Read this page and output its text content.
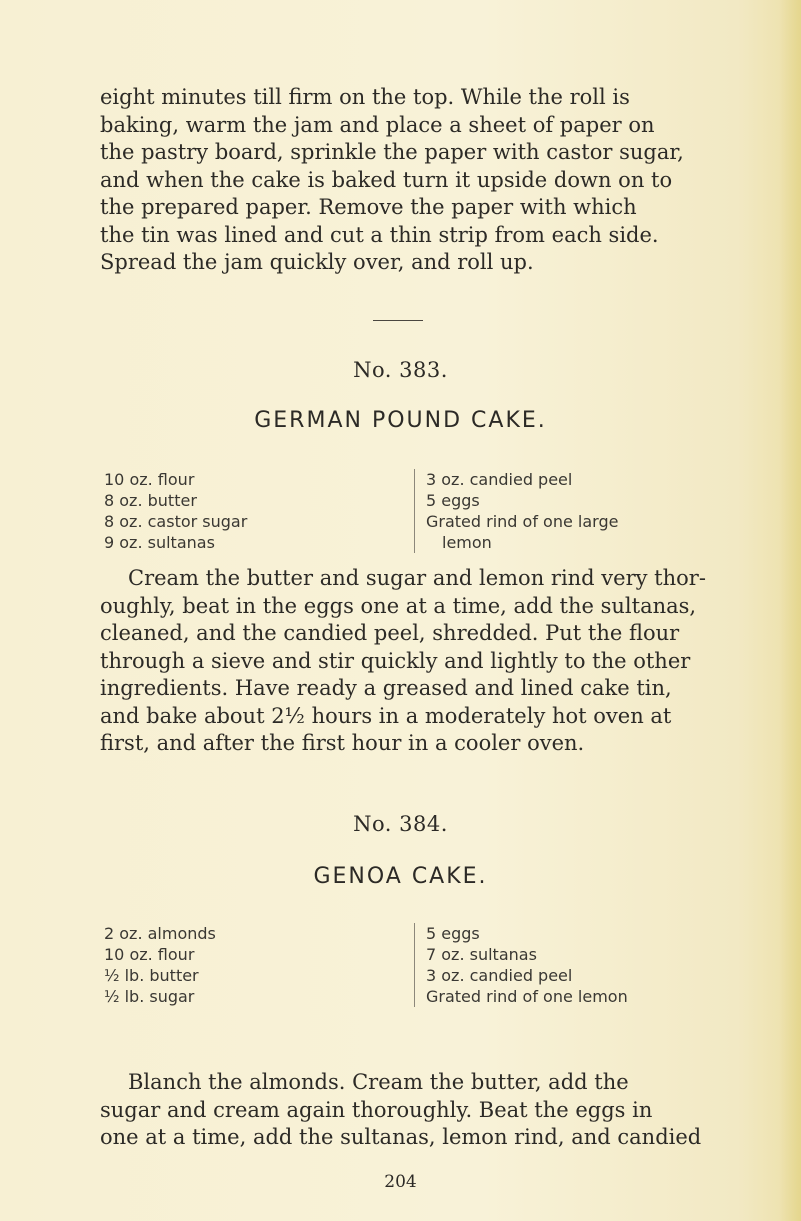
eight minutes till firm on the top. While the roll is
baking, warm the jam and place a sheet of paper on
the pastry board, sprinkle the paper with castor sugar,
and when the cake is baked turn it upside down on to
the prepared paper. Remove the paper with which
the tin was lined and cut a thin strip from each side.
Spread the jam quickly over, and roll up.
No. 383.
GERMAN POUND CAKE.
10 oz. flour
8 oz. butter
8 oz. castor sugar
9 oz. sultanas
3 oz. candied peel
5 eggs
Grated rind of one large
lemon
Cream the butter and sugar and lemon rind very thor-
oughly, beat in the eggs one at a time, add the sultanas,
cleaned, and the candied peel, shredded. Put the flour
through a sieve and stir quickly and lightly to the other
ingredients. Have ready a greased and lined cake tin,
and bake about 2½ hours in a moderately hot oven at
first, and after the first hour in a cooler oven.
No. 384.
GENOA CAKE.
2 oz. almonds
10 oz. flour
½ lb. butter
½ lb. sugar
5 eggs
7 oz. sultanas
3 oz. candied peel
Grated rind of one lemon
Blanch the almonds. Cream the butter, add the
sugar and cream again thoroughly. Beat the eggs in
one at a time, add the sultanas, lemon rind, and candied
204
